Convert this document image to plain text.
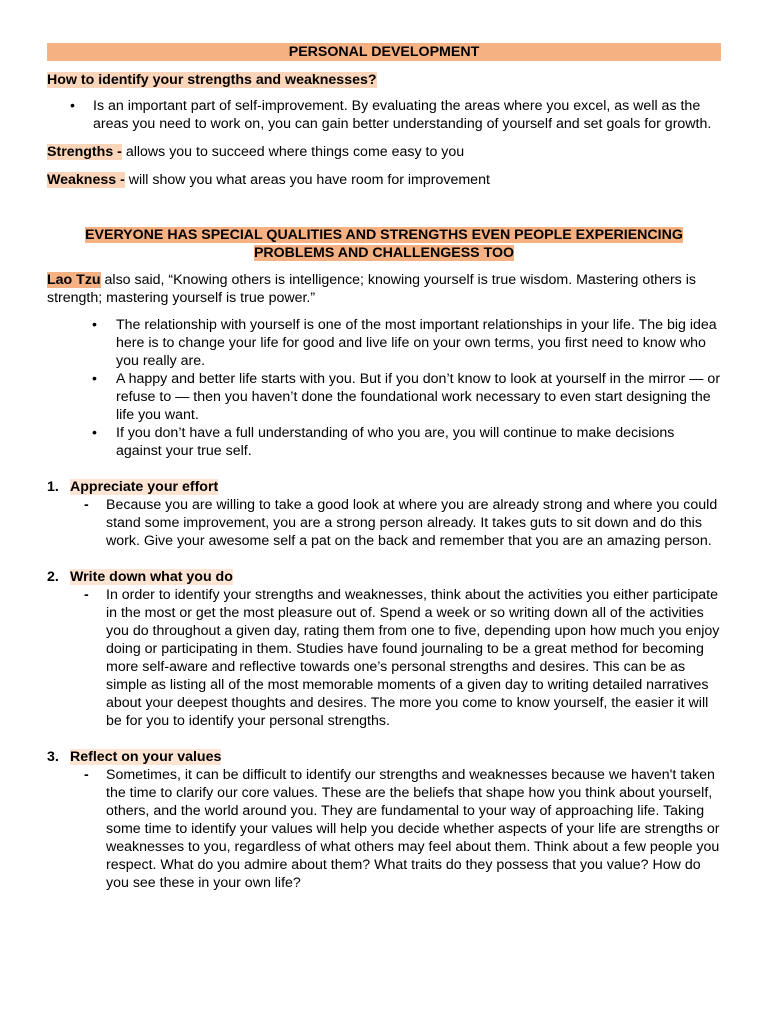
PERSONAL DEVELOPMENT

How to identify your strengths and weaknesses?

• Is an important part of self-improvement. By evaluating the areas where you excel, as well as the areas you need to work on, you can gain better understanding of yourself and set goals for growth.

Strengths - allows you to succeed where things come easy to you

Weakness - will show you what areas you have room for improvement

EVERYONE HAS SPECIAL QUALITIES AND STRENGTHS EVEN PEOPLE EXPERIENCING
PROBLEMS AND CHALLENGESS TOO

Lao Tzu also said, “Knowing others is intelligence; knowing yourself is true wisdom. Mastering others is strength; mastering yourself is true power.”

• The relationship with yourself is one of the most important relationships in your life. The big idea here is to change your life for good and live life on your own terms, you first need to know who you really are.
• A happy and better life starts with you. But if you don’t know to look at yourself in the mirror — or refuse to — then you haven’t done the foundational work necessary to even start designing the life you want.
• If you don’t have a full understanding of who you are, you will continue to make decisions against your true self.
1. Appreciate your effort
- Because you are willing to take a good look at where you are already strong and where you could stand some improvement, you are a strong person already. It takes guts to sit down and do this work. Give your awesome self a pat on the back and remember that you are an amazing person.
2. Write down what you do
- In order to identify your strengths and weaknesses, think about the activities you either participate in the most or get the most pleasure out of. Spend a week or so writing down all of the activities you do throughout a given day, rating them from one to five, depending upon how much you enjoy doing or participating in them. Studies have found journaling to be a great method for becoming more self-aware and reflective towards one’s personal strengths and desires. This can be as simple as listing all of the most memorable moments of a given day to writing detailed narratives about your deepest thoughts and desires. The more you come to know yourself, the easier it will be for you to identify your personal strengths.
3. Reflect on your values
- Sometimes, it can be difficult to identify our strengths and weaknesses because we haven't taken the time to clarify our core values. These are the beliefs that shape how you think about yourself, others, and the world around you. They are fundamental to your way of approaching life. Taking some time to identify your values will help you decide whether aspects of your life are strengths or weaknesses to you, regardless of what others may feel about them. Think about a few people you respect. What do you admire about them? What traits do they possess that you value? How do you see these in your own life?
